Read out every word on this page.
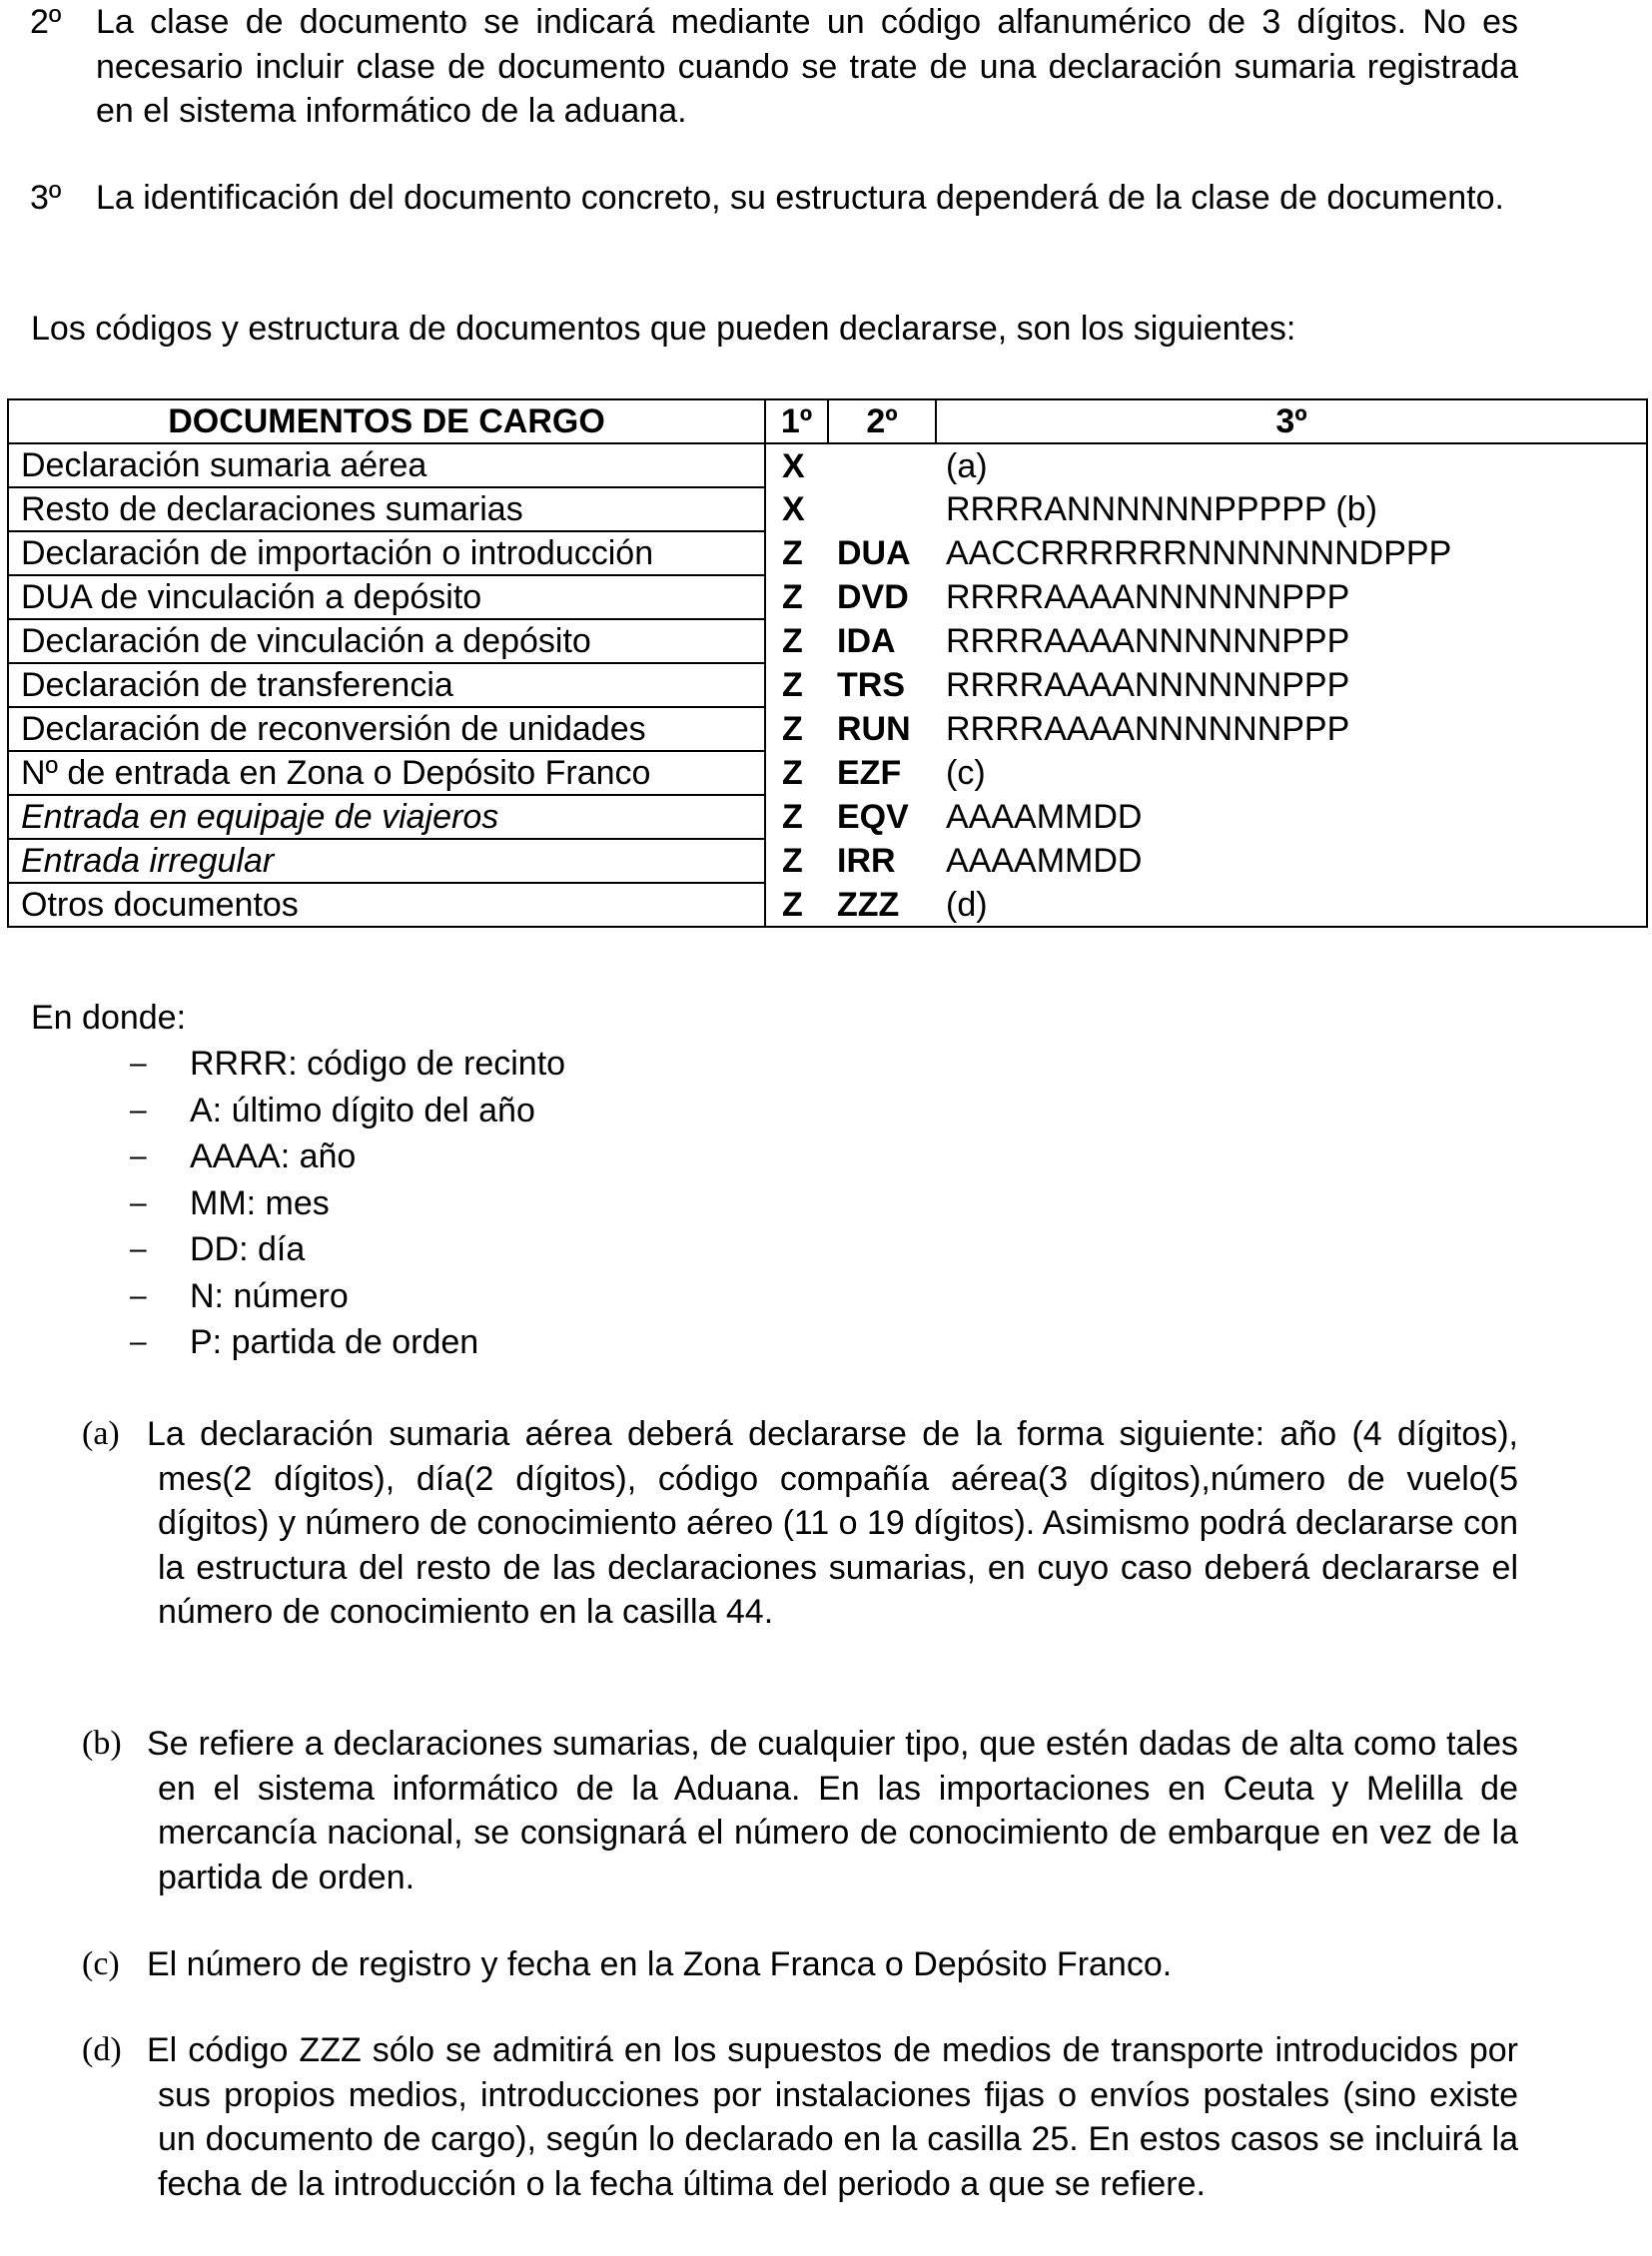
2º La clase de documento se indicará mediante un código alfanumérico de 3 dígitos. No es necesario incluir clase de documento cuando se trate de una declaración sumaria registrada en el sistema informático de la aduana.
3º La identificación del documento concreto, su estructura dependerá de la clase de documento.
Los códigos y estructura de documentos que pueden declararse, son los siguientes:
DOCUMENTOS DE CARGO	1º	2º	3º
Declaración sumaria aérea	X		(a)
Resto de declaraciones sumarias	X		RRRRANNNNNNPPPPP (b)
Declaración de importación o introducción	Z	DUA	AACCRRRRRRNNNNNNNDPPP
DUA de vinculación a depósito	Z	DVD	RRRRAAAANNNNNNPPP
Declaración de vinculación a depósito	Z	IDA	RRRRAAAANNNNNNPPP
Declaración de transferencia	Z	TRS	RRRRAAAANNNNNNPPP
Declaración de reconversión de unidades	Z	RUN	RRRRAAAANNNNNNPPP
Nº de entrada en Zona o Depósito Franco	Z	EZF	(c)
Entrada en equipaje de viajeros	Z	EQV	AAAAMMDD
Entrada irregular	Z	IRR	AAAAMMDD
Otros documentos	Z	ZZZ	(d)
En donde:
– RRRR: código de recinto
– A: último dígito del año
– AAAA: año
– MM: mes
– DD: día
– N: número
– P: partida de orden
(a) La declaración sumaria aérea deberá declararse de la forma siguiente: año (4 dígitos), mes(2 dígitos), día(2 dígitos), código compañía aérea(3 dígitos),número de vuelo(5 dígitos) y número de conocimiento aéreo (11 o 19 dígitos). Asimismo podrá declararse con la estructura del resto de las declaraciones sumarias, en cuyo caso deberá declararse el número de conocimiento en la casilla 44.
(b) Se refiere a declaraciones sumarias, de cualquier tipo, que estén dadas de alta como tales en el sistema informático de la Aduana. En las importaciones en Ceuta y Melilla de mercancía nacional, se consignará el número de conocimiento de embarque en vez de la partida de orden.
(c) El número de registro y fecha en la Zona Franca o Depósito Franco.
(d) El código ZZZ sólo se admitirá en los supuestos de medios de transporte introducidos por sus propios medios, introducciones por instalaciones fijas o envíos postales (sino existe un documento de cargo), según lo declarado en la casilla 25. En estos casos se incluirá la fecha de la introducción o la fecha última del periodo a que se refiere.
